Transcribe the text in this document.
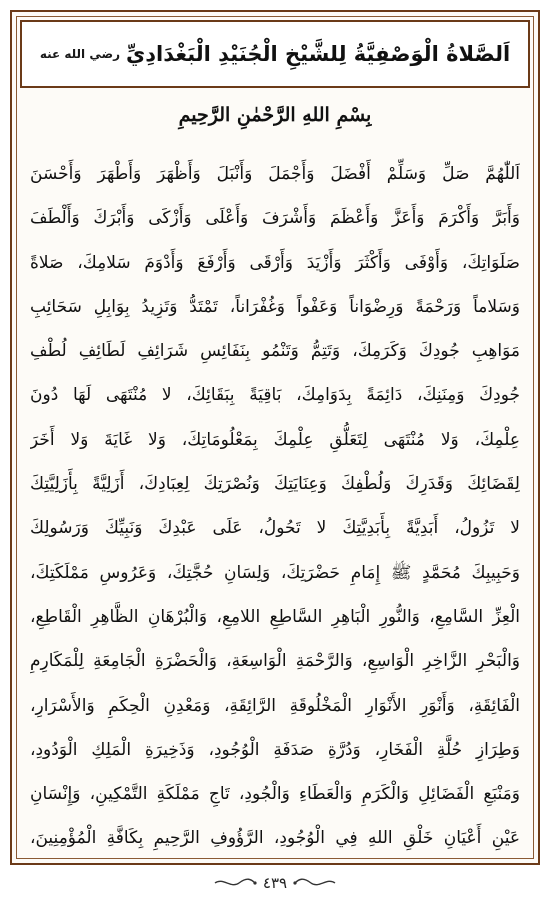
اَلصَّلاةُ الْوَصْفِيَّةُ لِلشَّيْخِ الْجُنَيْدِ الْبَغْدَادِيِّ
رضي الله عنه
بِسْمِ اللهِ الرَّحْمٰنِ الرَّحِيمِ
اَللّٰهُمَّ صَلِّ وَسَلِّمْ أَفْضَلَ وَأَجْمَلَ وَأَنْبَلَ وَأَظْهَرَ وَأَطْهَرَ وَأَحْسَنَ
وَأَبَرَّ وَأَكْرَمَ وَأَعَزَّ وَأَعْظَمَ وَأَشْرَفَ وَأَعْلَى وَأَزْكَى وَأَبْرَكَ وَأَلْطَفَ
صَلَوَاتِكَ، وَأَوْفَى وَأَكْثَرَ وَأَزْيَدَ وَأَرْقَى وَأَرْفَعَ وَأَدْوَمَ سَلامِكَ، صَلاةً
وَسَلاماً وَرَحْمَةً وَرِضْوَاناً وَعَفْواً وَغُفْرَاناً، تَمْتَدُّ وَتَزِيدُ بِوَابِلِ سَحَائِبِ
مَوَاهِبِ جُودِكَ وَكَرَمِكَ، وَتَتِمُّ وَتَنْمُو بِنَفَائِسِ شَرَائِفِ لَطَائِفِ لُطْفِ
جُودِكَ وَمِنَنِكَ، دَائِمَةً بِدَوَامِكَ، بَاقِيَةً بِبَقَائِكَ، لا مُنْتَهَى لَهَا دُونَ
عِلْمِكَ، وَلا مُنْتَهَى لِتَعَلُّقِ عِلْمِكَ بِمَعْلُومَاتِكَ، وَلا غَايَةَ وَلا أَخَرَ
لِقَضَائِكَ وَقَدَرِكَ وَلُطْفِكَ وَعِنَايَتِكَ وَنُصْرَتِكَ لِعِبَادِكَ، أَزَلِيَّةً بِأَزَلِيَّتِكَ
لا تَزُولُ، أَبَدِيَّةً بِأَبَدِيَّتِكَ لا تَحُولُ، عَلَى عَبْدِكَ وَنَبِيِّكَ وَرَسُولِكَ
وَحَبِيبِكَ مُحَمَّدٍ ﷺ إِمَامِ حَضْرَتِكَ، وَلِسَانِ حُجَّتِكَ، وَعَرُوسِ مَمْلَكَتِكَ،
الْعِزِّ السَّامِعِ، وَالنُّورِ الْبَاهِرِ السَّاطِعِ اللامِعِ، وَالْبُرْهَانِ الظَّاهِرِ الْقَاطِعِ،
وَالْبَحْرِ الزَّاخِرِ الْوَاسِعِ، وَالرَّحْمَةِ الْوَاسِعَةِ، وَالْحَضْرَةِ الْجَامِعَةِ لِلْمَكَارِمِ
الْفَائِقَةِ، وَأَنْوَرِ الأَنْوَارِ الْمَخْلُوقَةِ الرَّائِقَةِ، وَمَعْدِنِ الْحِكَمِ وَالأَسْرَارِ،
وَطِرَازِ حُلَّةِ الْفَخَارِ، وَدُرَّةِ صَدَفَةِ الْوُجُودِ، وَذَخِيرَةِ الْمَلِكِ الْوَدُودِ،
وَمَنْبَعِ الْفَضَائِلِ وَالْكَرَمِ وَالْعَطَاءِ وَالْجُودِ، تَاجِ مَمْلَكَةِ التَّمْكِينِ، وَإِنْسَانِ
عَيْنِ أَعْيَانِ خَلْقِ اللهِ فِي الْوُجُودِ، الرَّؤُوفِ الرَّحِيمِ بِكَافَّةِ الْمُؤْمِنِينَ،
٤٣٩
